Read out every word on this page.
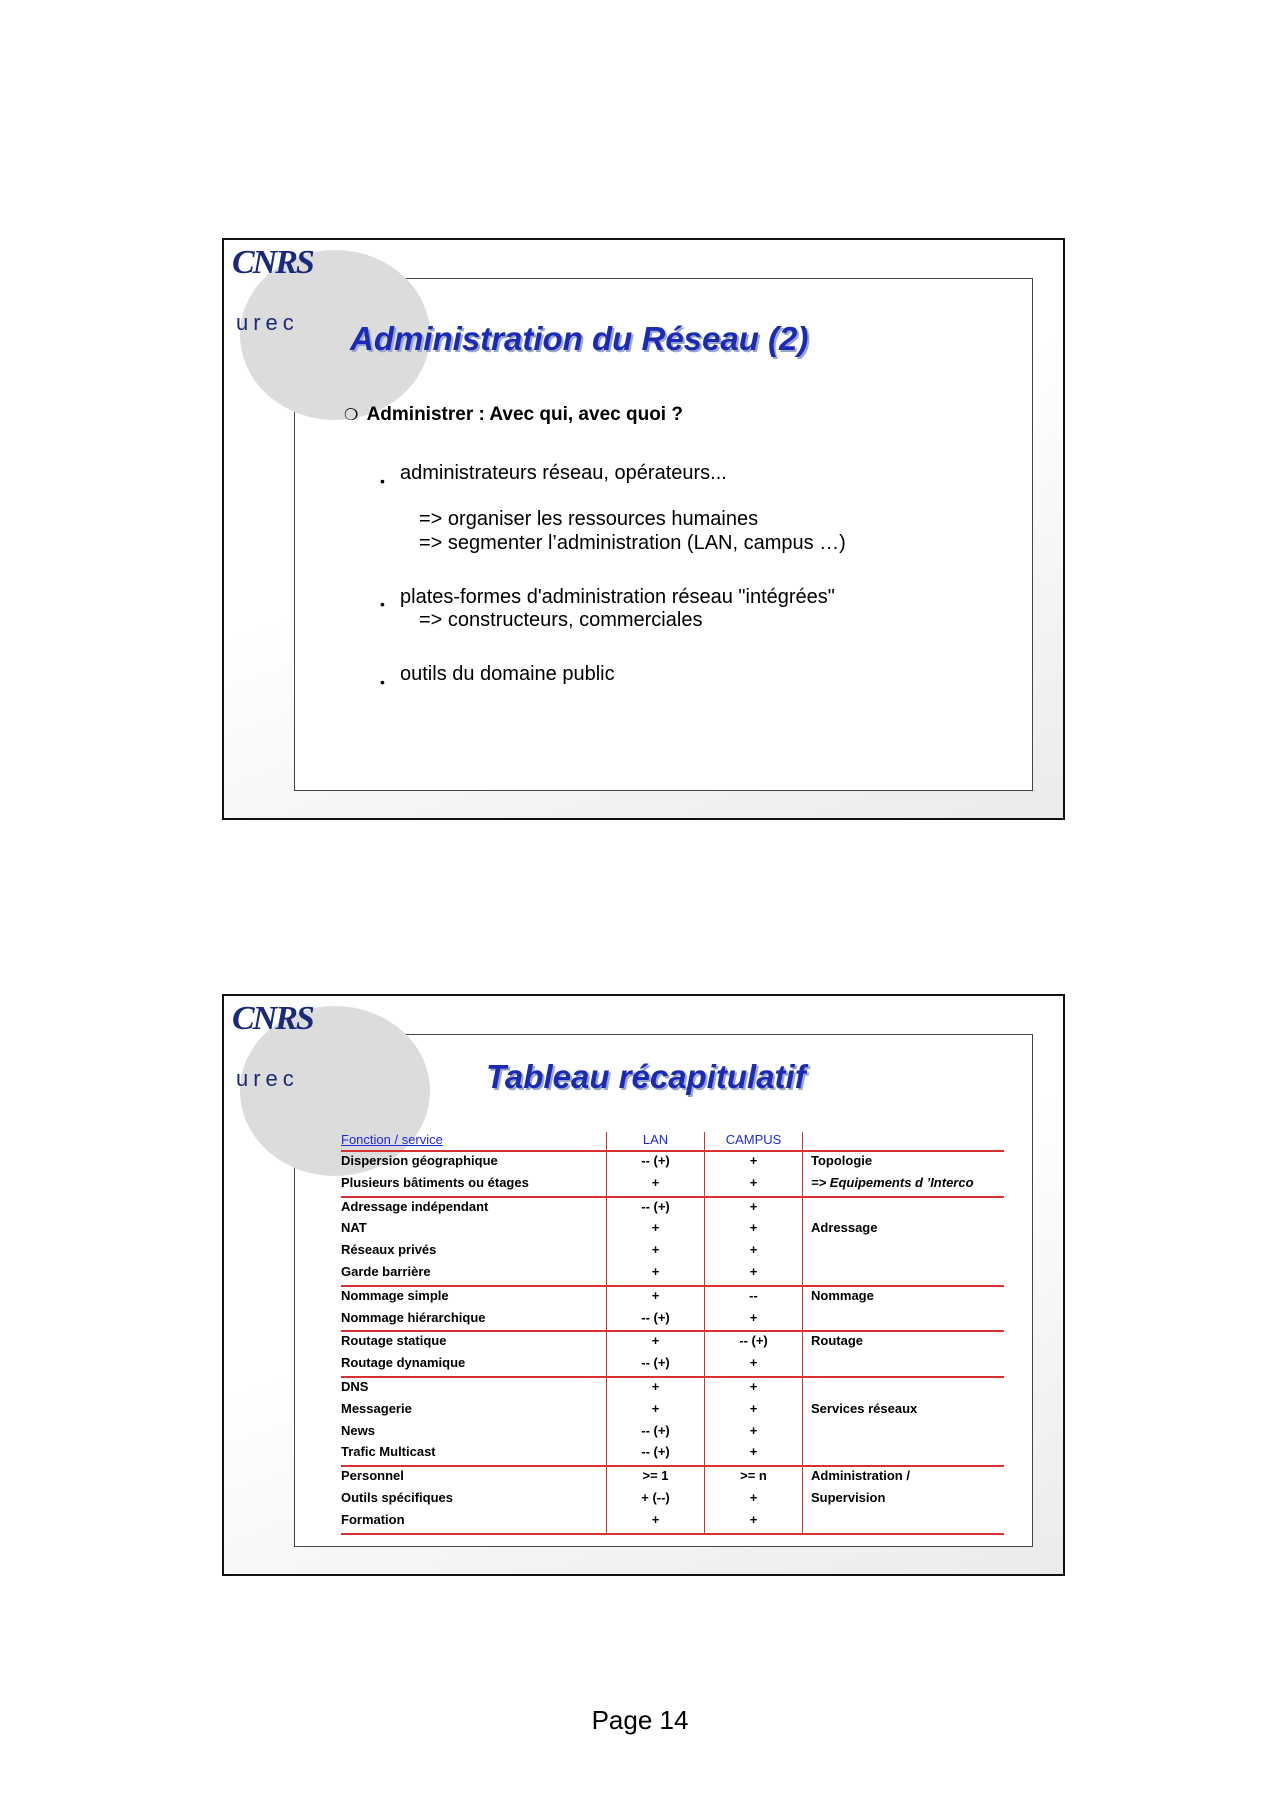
CNRS
urec Administration du Réseau (2)
❍ Administrer : Avec qui, avec quoi ?
• administrateurs réseau, opérateurs...
=> organiser les ressources humaines
=> segmenter l’administration (LAN, campus …)
• plates-formes d'administration réseau "intégrées"
=> constructeurs, commerciales
• outils du domaine public
CNRS
urec	Tableau récapitulatif
Fonction / service	LAN	CAMPUS	
Dispersion géographique	-- (+)	+	Topologie
Plusieurs bâtiments ou étages	+	+	=> Equipements d ’Interco
Adressage indépendant	-- (+)	+	
NAT	+	+	Adressage
Réseaux privés	+	+	
Garde barrière	+	+	
Nommage simple	+	--	Nommage
Nommage hiérarchique	-- (+)	+	
Routage statique	+	-- (+)	Routage
Routage dynamique	-- (+)	+	
DNS	+	+	
Messagerie	+	+	Services réseaux
News	-- (+)	+	
Trafic Multicast	-- (+)	+	
Personnel	>= 1	>= n	Administration /
Outils spécifiques	+ (--)	+	Supervision
Formation	+	+	
Page 14
